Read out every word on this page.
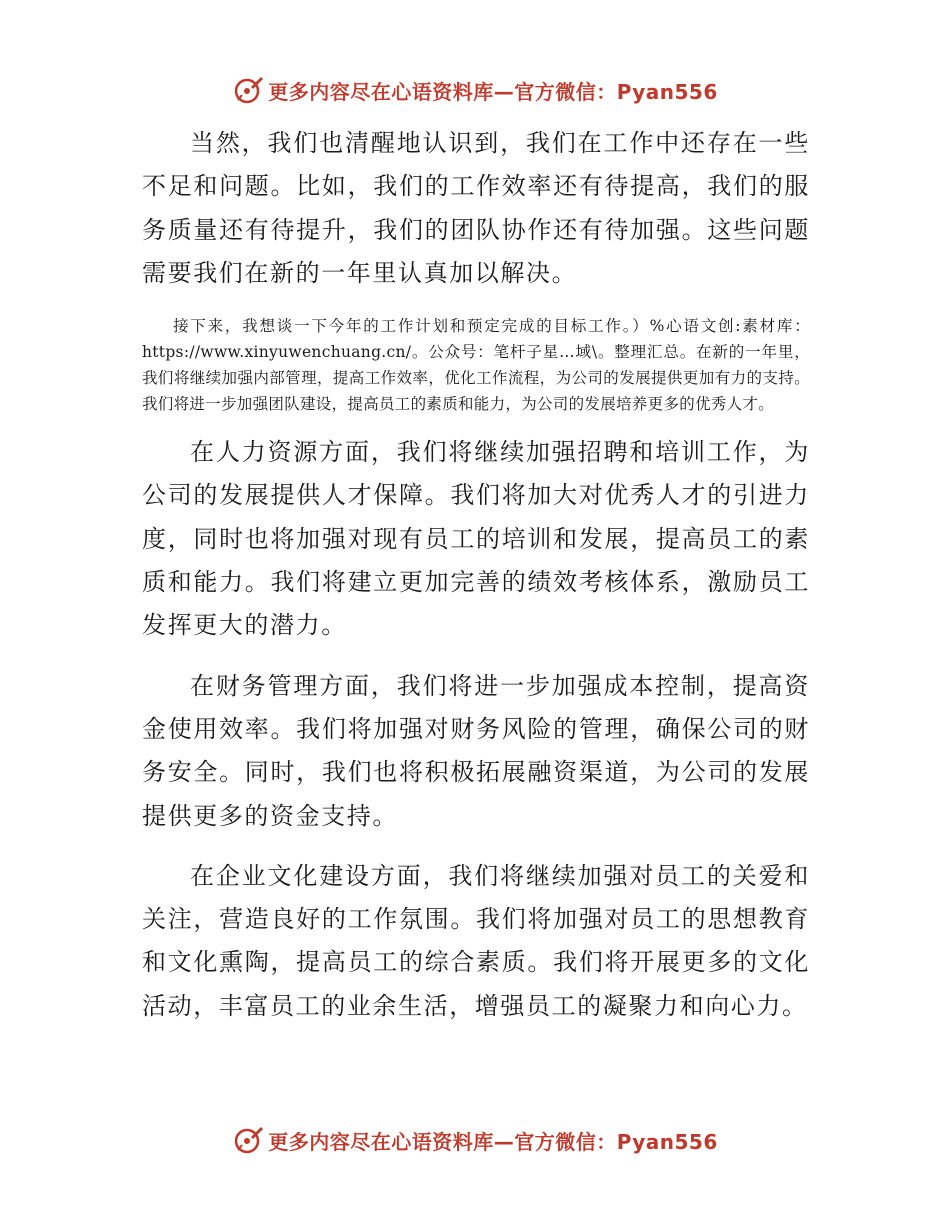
更多内容尽在心语资料库—官方微信：Pyan556

当然，我们也清醒地认识到，我们在工作中还存在一些不足和问题。比如，我们的工作效率还有待提高，我们的服务质量还有待提升，我们的团队协作还有待加强。这些问题需要我们在新的一年里认真加以解决。

接下来，我想谈一下今年的工作计划和预定完成的目标工作。）%心语文创:素材库：https://www.xinyuwenchuang.cn/。公众号：笔杆子星…域\。整理汇总。在新的一年里，我们将继续加强内部管理，提高工作效率，优化工作流程，为公司的发展提供更加有力的支持。我们将进一步加强团队建设，提高员工的素质和能力，为公司的发展培养更多的优秀人才。

在人力资源方面，我们将继续加强招聘和培训工作，为公司的发展提供人才保障。我们将加大对优秀人才的引进力度，同时也将加强对现有员工的培训和发展，提高员工的素质和能力。我们将建立更加完善的绩效考核体系，激励员工发挥更大的潜力。

在财务管理方面，我们将进一步加强成本控制，提高资金使用效率。我们将加强对财务风险的管理，确保公司的财务安全。同时，我们也将积极拓展融资渠道，为公司的发展提供更多的资金支持。

在企业文化建设方面，我们将继续加强对员工的关爱和关注，营造良好的工作氛围。我们将加强对员工的思想教育和文化熏陶，提高员工的综合素质。我们将开展更多的文化活动，丰富员工的业余生活，增强员工的凝聚力和向心力。

更多内容尽在心语资料库—官方微信：Pyan556
